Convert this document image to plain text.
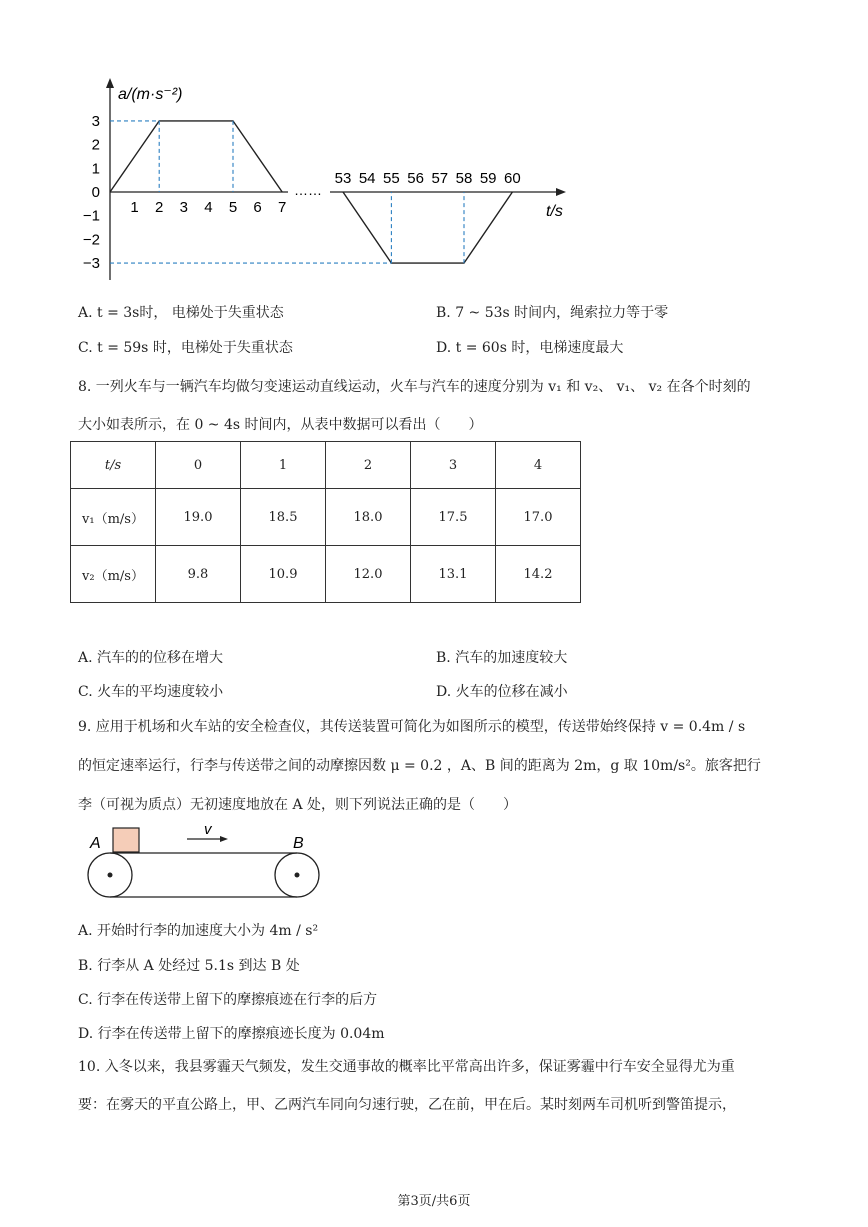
a/(m·s⁻²)
t/s
……
3
2
1
0
−1
−2
−3
1 2 3 4 5 6 7
53 54 55 56 57 58 59 60
A. t = 3s时， 电梯处于失重状态	B. 7 ~ 53s 时间内，绳索拉力等于零
C. t = 59s 时，电梯处于失重状态	D. t = 60s 时，电梯速度最大
8. 一列火车与一辆汽车均做匀变速运动直线运动，火车与汽车的速度分别为 v₁ 和 v₂、 v₁、 v₂ 在各个时刻的
大小如表所示，在 0 ~ 4s 时间内，从表中数据可以看出（　　）
t/s	0	1	2	3	4
v₁（m/s）	19.0	18.5	18.0	17.5	17.0
v₂（m/s）	9.8	10.9	12.0	13.1	14.2
A. 汽车的的位移在增大	B. 汽车的加速度较大
C. 火车的平均速度较小	D. 火车的位移在减小
9. 应用于机场和火车站的安全检查仪，其传送装置可简化为如图所示的模型，传送带始终保持 v = 0.4m / s
的恒定速率运行，行李与传送带之间的动摩擦因数 μ = 0.2 ，A、B 间的距离为 2m，g 取 10m/s²。旅客把行
李（可视为质点）无初速度地放在 A 处，则下列说法正确的是（　　）
A	B
v
A. 开始时行李的加速度大小为 4m / s²
B. 行李从 A 处经过 5.1s 到达 B 处
C. 行李在传送带上留下的摩擦痕迹在行李的后方
D. 行李在传送带上留下的摩擦痕迹长度为 0.04m
10. 入冬以来，我县雾霾天气频发，发生交通事故的概率比平常高出许多，保证雾霾中行车安全显得尤为重
要：在雾天的平直公路上，甲、乙两汽车同向匀速行驶，乙在前，甲在后。某时刻两车司机听到警笛提示，
第3页/共6页
